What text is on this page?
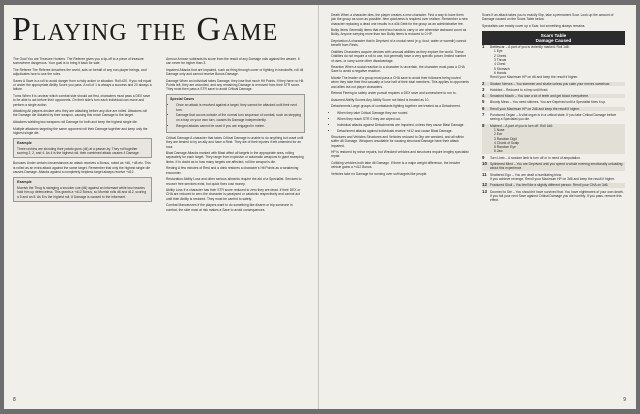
Playing the Game

The Goal You are Treasure Hunters. The Referee gives you a tip-off to a piece of treasure somewhere dangerous. Your goal is to bring it back for sale.

The Referee The Referee describes the world, acts on behalf of any non-player beings, and adjudicates how to use the rules.

Saves A Save is a roll to avoid danger from a risky action or situation. Roll d20. If you roll equal or under the appropriate Ability Score you pass. A roll of 1 is always a success and 20 always a failure.

Turns When it is unclear which combat side should act first, characters must pass a DEX save to be able to act before their opponents. On their side's turn each individual can move and perform a single action.

Attacking All players declare who they are attacking before any dice are rolled. Attackers roll the Damage die dictated by their weapon, causing this much Damage to the target.

Attackers wielding two weapons roll Damage for both and keep the highest single die.

Multiple attackers targeting the same opponent roll their Damage together and keep only the highest single die.

Example
Three urchins are shooting their potato guns (d4) at a passer-by. They roll together scoring 2, 2, and 4. As 4 is the highest roll, their combined attack causes 4 Damage.

Bonuses Under certain circumstances an attack receives a Bonus, noted as +d6, +d8 etc. This is rolled as an extra attack against the same target. Remember that only the highest single die causes Damage. Attacks against a completely helpless target always receive +d12.

Example
Morrish the Thug is swinging a snooker cue (d6) against an informant while two heavies hold him up defenceless. This grants a +d12 Bonus, so Morrish rolls d6 and d12, scoring a 5 and an 8. As 8 is the highest roll, 8 Damage is caused to the informant.

Armour Armour subtracts its score from the result of any Damage rolls against the wearer. It can never be higher than 3.

Impaired Attacks that are Impaired, such as firing through cover or fighting in handcuffs, roll d4 Damage only and cannot receive Bonus Damage.

Damage When an individual takes Damage, they lose that much Hit Points. If they have no Hit Points left, they are wounded, and any remaining Damage is removed from their STR score. They must then pass a STR save to avoid Critical Damage.

Special Cases
• Once an attack is resolved against a target, they cannot be attacked until their next turn.
• Damage that occurs outside of the normal turn sequence of combat, such as stepping on a trap on your own turn, causes its Damage independently.
• Ranged attacks cannot be used if you are engaged in melee.

Critical Damage A character that takes Critical Damage is unable to do anything but crawl until they are tended to by an ally and have a Rest. They die of their injuries if left untended for an hour.

Blast Damage Attacks marked with Blast affect all targets in the appropriate area, rolling separately for each target. They range from explosive or automatic weapons to giant sweeping limbs. If in doubt as to how many targets are affected, roll the weapon's die.

Resting A few minutes of Rest and a drink restores a character's Hit Points as a weakening encounter.

Restoration Ability Loss and other serious ailments require the aid of a Specialist. Services to recover free services exist, but quick fixes cost money.

Ability Loss If a character has their STR score reduced to zero they are dead. If their DEX or CHA are reduced to zero the character is paralysed or catatonic respectively and cannot act until their Ability is restored. They must be carried to safety.

Combat Manoeuvres If the players want to do something like disarm or trip someone in combat, the side most at risk makes a Save to avoid consequences.

8

Death When a character dies, the player creates a new character. Find a way to have them join the group as soon as possible. Item quickness is required over realism. Remember a new character replacing a dead one results in a d3k Debt for the group as an administrative fee.

Bulky Items Generally items that need two hands to carry or are otherwise awkward count as Bulky. Anyone carrying more than two Bulky items is reduced to 0 HP.

Deprivation A character that is Deprived of a crucial need (e.g. food, water or warmth) cannot benefit from Rests.

Oddities Characters acquire devices with unusual abilities as they explore the world. These Oddities do not require a roll to use, but generally have a very specific power, limited number of uses, or carry some other disadvantage.

Reaction When a social reaction to a character is uncertain, the character must pass a CHA Save to avoid a negative reaction.

Morale The leader of a group must pass a CHA save to avoid their followers being routed when they take their first casualty or lose half of their total members. This applies to opponents and allies but not player characters.

Retreat Fleeing to safety under pursuit requires a DEX save and somewhere to run to.

Assumed Ability Scores Any Ability Score not listed is treated as 10.

Detachments Large groups of combatants fighting together are treated as a Detachment.

• When they take Critical Damage they are routed.
• When they reach STR 0 they are wiped out.
• Individual attacks against Detachments are Impaired, unless they cause Blast Damage.
• Detachment attacks against individuals receive +d12 and cause Blast Damage.

Structures and Vehicles Structures and Vehicles reduced to 0hp are wrecked, and all within suffer d6 Damage. Weapons unsuitable for causing structural Damage have their attack Impaired.

HP is restored by minor repairs, but Wrecked vehicles and structures require lengthy specialist repair.

Colliding vehicles both take d6 Damage. If there is a major weight difference, the heavier vehicle gains a +d12 Bonus.

Vehicles take no Damage for running over soft targets like people.

Scars If an attack takes you to exactly 0hp, take a permanent Scar. Look up the amount of Damage caused on the Scars Table below.

Specialists can mostly cover up a Scar, but something always remains.

Scars Table
Damage Caused
1	Battlescar – A part of you is violently marked. Roll 1d6:
1 Eye
2 Cheek
3 Throat
4 Chest
5 Stomach
6 Hands
Reroll your Maximum HP on d6 and keep the result if higher.
2	Shaken Nerves – You stammer and shake unless you calm your nerves somehow.
3	Hobbled – Reduced to a limp until fixed.
4	Smashed Mouth – You lose a lot of teeth and get blood everywhere.
5	Bloody Mess – You need stitches. You are Deprived until a Specialist fixes it up.
6	Reroll your Maximum HP on 2d6 and keep the result if higher.
7	Punctured Organ – A vital organ is in a critical state. If you take Critical Damage before seeing a Specialist you die.
8	Maimed – A part of you is torn off. Roll 1d6:
1 Nose
2 Ear
3 Random Digit
4 Chunk of Scalp
5 Random Eye
6 Jaw
9	Torn Limb – A random limb is torn off or in need of amputation.
10 Splintered Mind – You are Deprived until you spend a whole evening emotionally unloading about this experience.
11	Shattered Ego – You are dealt a humiliating blow.
If you achieve revenge, Reroll your Maximum HP on 3d6 and keep the result if higher.
12 Fractured Skull – You feel like a slightly different person. Reroll your CHA on 3d6.
13 Doomed to Die – You shouldn't have survived that. You have nightmares of your own death. If you fail your next Save against Critical Damage you die horribly. If you pass, remove this effect.
9
